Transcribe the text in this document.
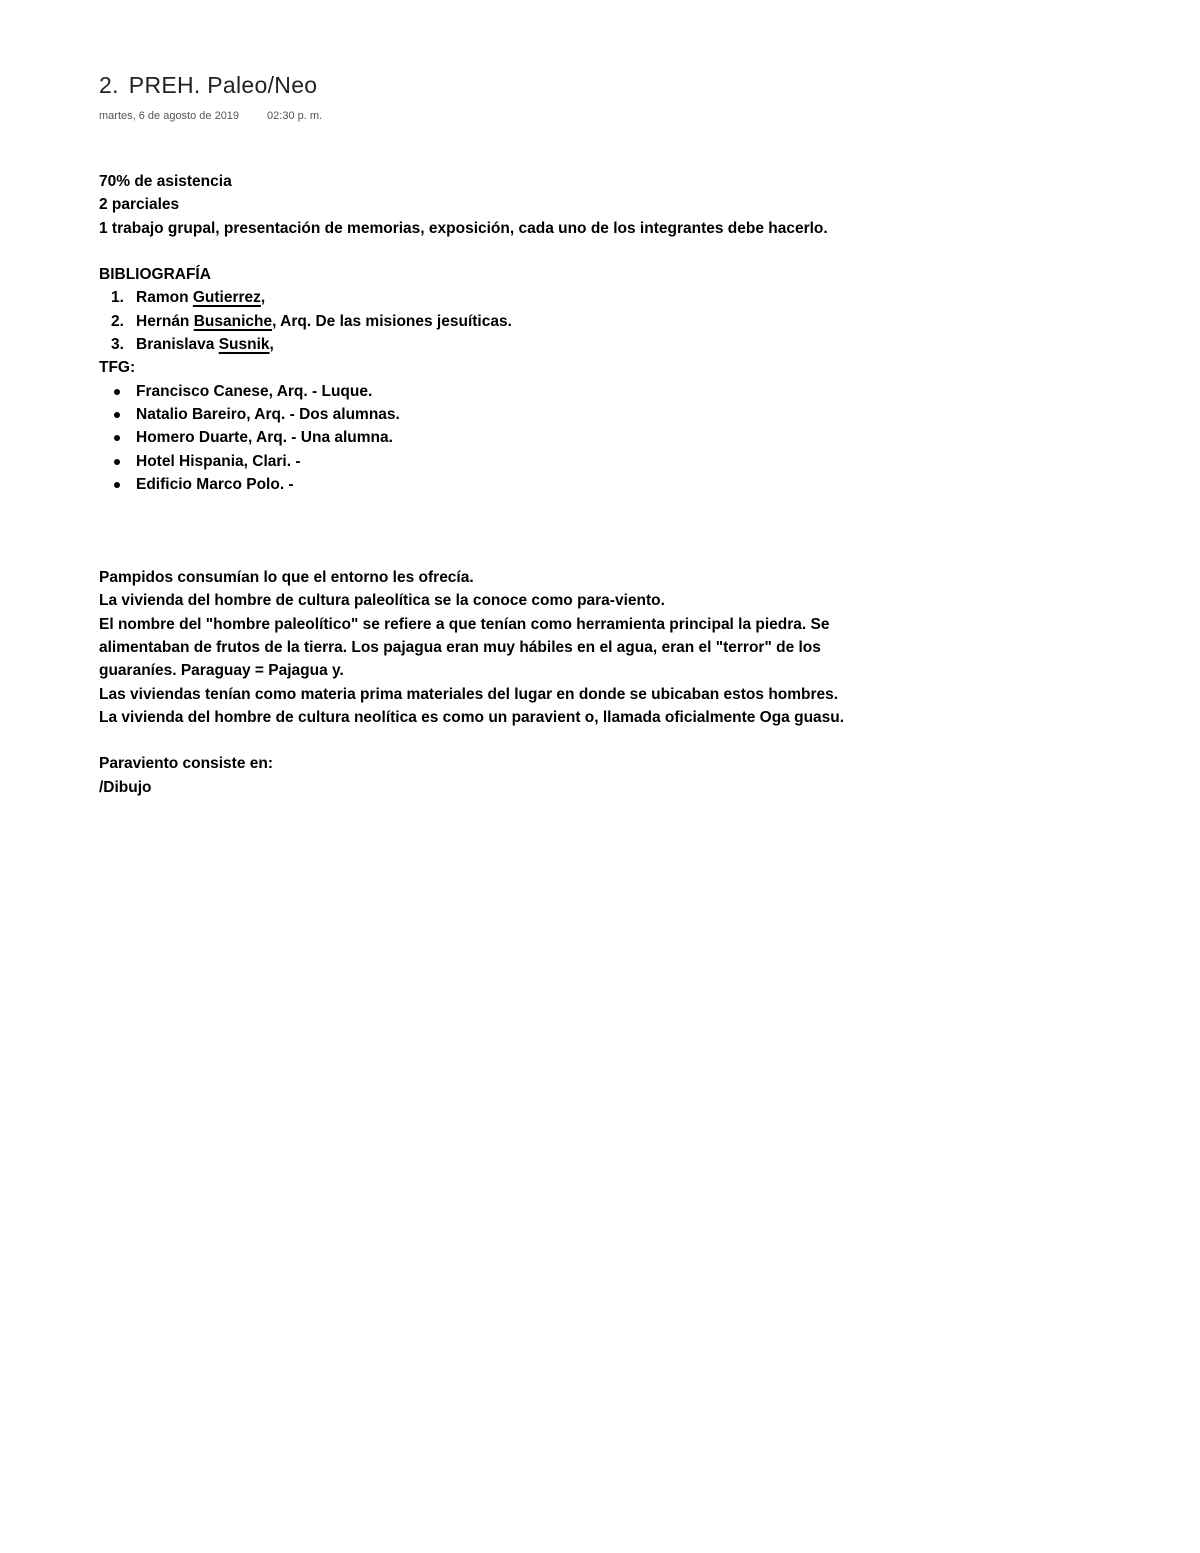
2. PREH. Paleo/Neo
martes, 6 de agosto de 2019	02:30 p. m.
70% de asistencia
2 parciales
1 trabajo grupal, presentación de memorias, exposición, cada uno de los integrantes debe hacerlo.
BIBLIOGRAFÍA
1. Ramon Gutierrez,
2. Hernán Busaniche, Arq. De las misiones jesuíticas.
3. Branislava Susnik,
TFG:
Francisco Canese, Arq. - Luque.
Natalio Bareiro, Arq. - Dos alumnas.
Homero Duarte, Arq. - Una alumna.
Hotel Hispania, Clari. -
Edificio Marco Polo. -
Pampidos consumían lo que el entorno les ofrecía.
La vivienda del hombre de cultura paleolítica se la conoce como para-viento.
El nombre del "hombre paleolítico" se refiere a que tenían como herramienta principal la piedra. Se
alimentaban de frutos de la tierra. Los pajagua eran muy hábiles en el agua, eran el "terror" de los
guaraníes. Paraguay = Pajagua y.
Las viviendas tenían como materia prima materiales del lugar en donde se ubicaban estos hombres.
La vivienda del hombre de cultura neolítica es como un paravient o, llamada oficialmente Oga guasu.
Paraviento consiste en:
/Dibujo
